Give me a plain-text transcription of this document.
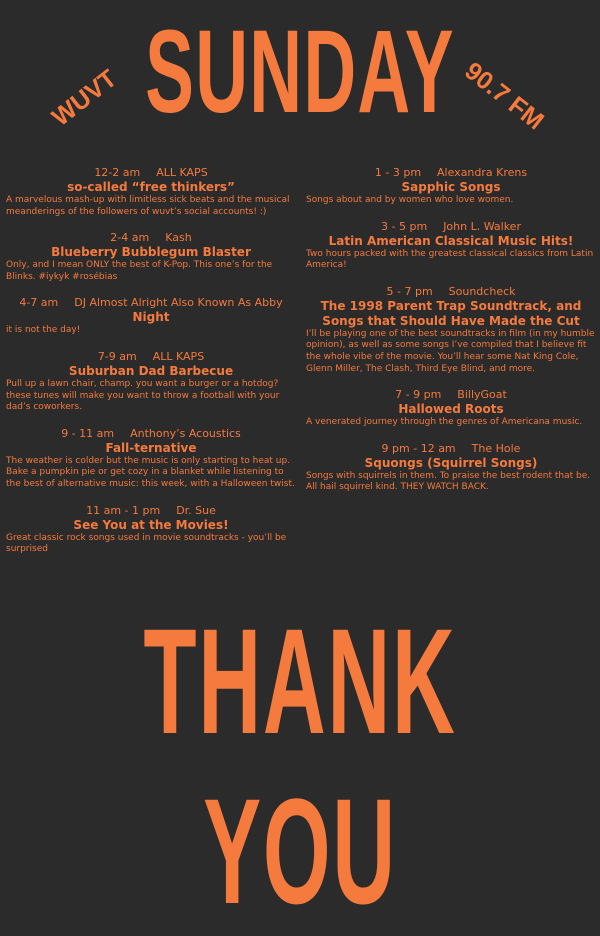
SUNDAY
WUVT	90.7 FM
12-2 am ALL KAPS
so-called “free thinkers”
A marvelous mash-up with limitless sick beats and the musical meanderings of the followers of wuvt’s social accounts! :)
2-4 am Kash
Blueberry Bubblegum Blaster
Only, and I mean ONLY the best of K-Pop. This one’s for the Blinks. #iykyk #rosébias
4-7 am DJ Almost Alright Also Known As Abby
Night
it is not the day!
7-9 am ALL KAPS
Suburban Dad Barbecue
Pull up a lawn chair, champ. you want a burger or a hotdog? these tunes will make you want to throw a football with your dad’s coworkers.
9 - 11 am Anthony’s Acoustics
Fall-ternative
The weather is colder but the music is only starting to heat up. Bake a pumpkin pie or get cozy in a blanket while listening to the best of alternative music: this week, with a Halloween twist.
11 am - 1 pm Dr. Sue
See You at the Movies!
Great classic rock songs used in movie soundtracks - you’ll be surprised
1 - 3 pm Alexandra Krens
Sapphic Songs
Songs about and by women who love women.
3 - 5 pm John L. Walker
Latin American Classical Music Hits!
Two hours packed with the greatest classical classics from Latin America!
5 - 7 pm Soundcheck
The 1998 Parent Trap Soundtrack, and Songs that Should Have Made the Cut
I’ll be playing one of the best soundtracks in film (in my humble opinion), as well as some songs I’ve compiled that I believe fit the whole vibe of the movie. You’ll hear some Nat King Cole, Glenn Miller, The Clash, Third Eye Blind, and more.
7 - 9 pm BillyGoat
Hallowed Roots
A venerated journey through the genres of Americana music.
9 pm - 12 am The Hole
Squongs (Squirrel Songs)
Songs with squirrels in them. To praise the best rodent that be. All hail squirrel kind. THEY WATCH BACK.
THANK YOU
